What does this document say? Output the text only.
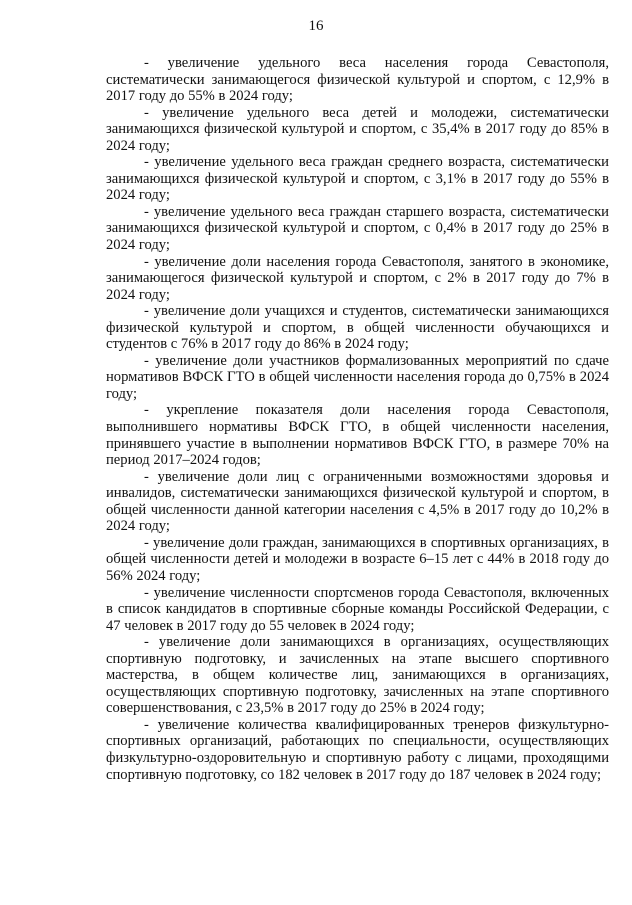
16

- увеличение удельного веса населения города Севастополя, систематически занимающегося физической культурой и спортом, с 12,9% в 2017 году до 55% в 2024 году;

- увеличение удельного веса детей и молодежи, систематически занимающихся физической культурой и спортом, с 35,4% в 2017 году до 85% в 2024 году;

- увеличение удельного веса граждан среднего возраста, систематически занимающихся физической культурой и спортом, с 3,1% в 2017 году до 55% в 2024 году;

- увеличение удельного веса граждан старшего возраста, систематически занимающихся физической культурой и спортом, с 0,4% в 2017 году до 25% в 2024 году;

- увеличение доли населения города Севастополя, занятого в экономике, занимающегося физической культурой и спортом, с 2% в 2017 году до 7% в 2024 году;

- увеличение доли учащихся и студентов, систематически занимающихся физической культурой и спортом, в общей численности обучающихся и студентов с 76% в 2017 году до 86% в 2024 году;

- увеличение доли участников формализованных мероприятий по сдаче нормативов ВФСК ГТО в общей численности населения города до 0,75% в 2024 году;

- укрепление показателя доли населения города Севастополя, выполнившего нормативы ВФСК ГТО, в общей численности населения, принявшего участие в выполнении нормативов ВФСК ГТО, в размере 70% на период 2017–2024 годов;

- увеличение доли лиц с ограниченными возможностями здоровья и инвалидов, систематически занимающихся физической культурой и спортом, в общей численности данной категории населения с 4,5% в 2017 году до 10,2% в 2024 году;

- увеличение доли граждан, занимающихся в спортивных организациях, в общей численности детей и молодежи в возрасте 6–15 лет с 44% в 2018 году до 56% 2024 году;

- увеличение численности спортсменов города Севастополя, включенных в список кандидатов в спортивные сборные команды Российской Федерации, с 47 человек в 2017 году до 55 человек в 2024 году;

- увеличение доли занимающихся в организациях, осуществляющих спортивную подготовку, и зачисленных на этапе высшего спортивного мастерства, в общем количестве лиц, занимающихся в организациях, осуществляющих спортивную подготовку, зачисленных на этапе спортивного совершенствования, с 23,5% в 2017 году до 25% в 2024 году;

- увеличение количества квалифицированных тренеров физкультурно-спортивных организаций, работающих по специальности, осуществляющих физкультурно-оздоровительную и спортивную работу с лицами, проходящими спортивную подготовку, со 182 человек в 2017 году до 187 человек в 2024 году;
